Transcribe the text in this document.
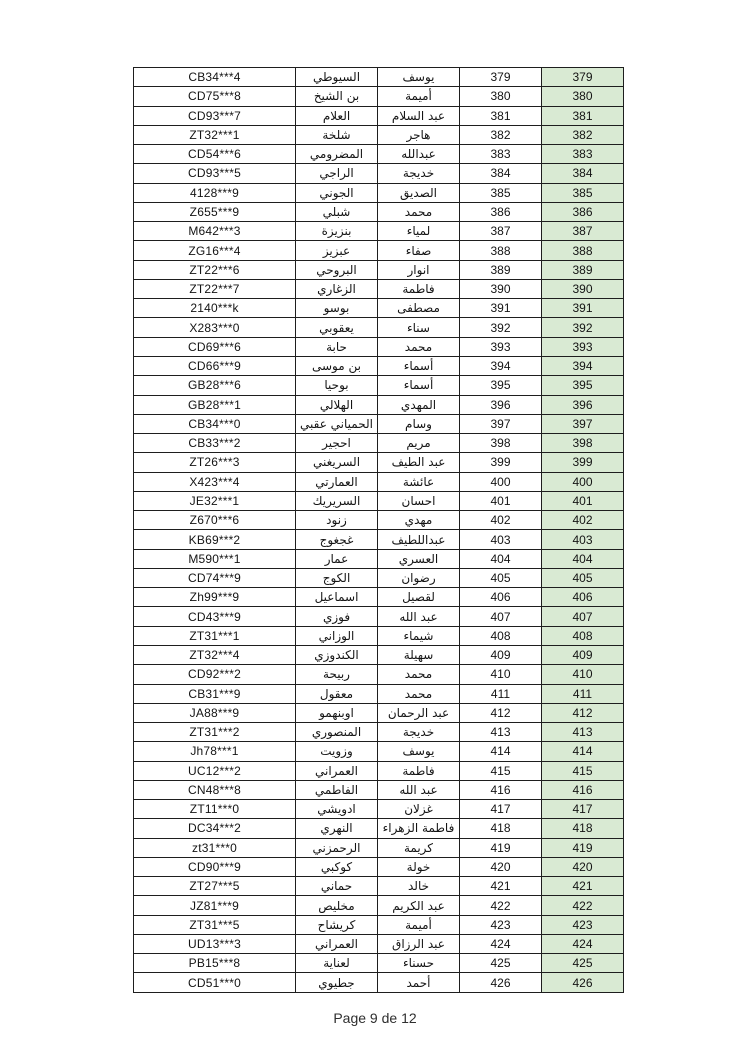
CB34***4	السيوطي	يوسف	379	379
CD75***8	بن الشيخ	أميمة	380	380
CD93***7	العلام	عبد السلام	381	381
ZT32***1	شلخة	هاجر	382	382
CD54***6	المضرومي	عبدالله	383	383
CD93***5	الراجي	خديجة	384	384
4128***9	الجوني	الصديق	385	385
Z655***9	شبلي	محمد	386	386
M642***3	بنزيزة	لمياء	387	387
ZG16***4	عبزيز	صفاء	388	388
ZT22***6	البروحي	انوار	389	389
ZT22***7	الزغاري	فاطمة	390	390
2140***k	بوسو	مصطفى	391	391
X283***0	يعقوبي	سناء	392	392
CD69***6	حابة	محمد	393	393
CD66***9	بن موسى	أسماء	394	394
GB28***6	بوحيا	أسماء	395	395
GB28***1	الهلالي	المهدي	396	396
CB34***0	الحمياني عقبي	وسام	397	397
CB33***2	احجير	مريم	398	398
ZT26***3	السريغني	عبد الطيف	399	399
X423***4	العمارتي	عائشة	400	400
JE32***1	السريريك	احسان	401	401
Z670***6	زنود	مهدي	402	402
KB69***2	غجغوج	عبداللطيف	403	403
M590***1	عمار	العسري	404	404
CD74***9	الكوج	رضوان	405	405
Zh99***9	اسماعيل	لقصيل	406	406
CD43***9	فوزي	عبد الله	407	407
ZT31***1	الوزاني	شيماء	408	408
ZT32***4	الكندوزي	سهيلة	409	409
CD92***2	ربيحة	محمد	410	410
CB31***9	معقول	محمد	411	411
JA88***9	اوبنهمو	عبد الرحمان	412	412
ZT31***2	المنصوري	خديجة	413	413
Jh78***1	وزويت	يوسف	414	414
UC12***2	العمراني	فاطمة	415	415
CN48***8	الفاطمي	عبد الله	416	416
ZT11***0	ادويشي	غزلان	417	417
DC34***2	النهري	فاطمة الزهراء	418	418
zt31***0	الرحمزني	كريمة	419	419
CD90***9	كوكبي	خولة	420	420
ZT27***5	حماني	خالد	421	421
JZ81***9	مخليص	عبد الكريم	422	422
ZT31***5	كريشاح	أميمة	423	423
UD13***3	العمراني	عبد الرزاق	424	424
PB15***8	لعناية	حسناء	425	425
CD51***0	جطيوي	أحمد	426	426
Page 9 de 12
